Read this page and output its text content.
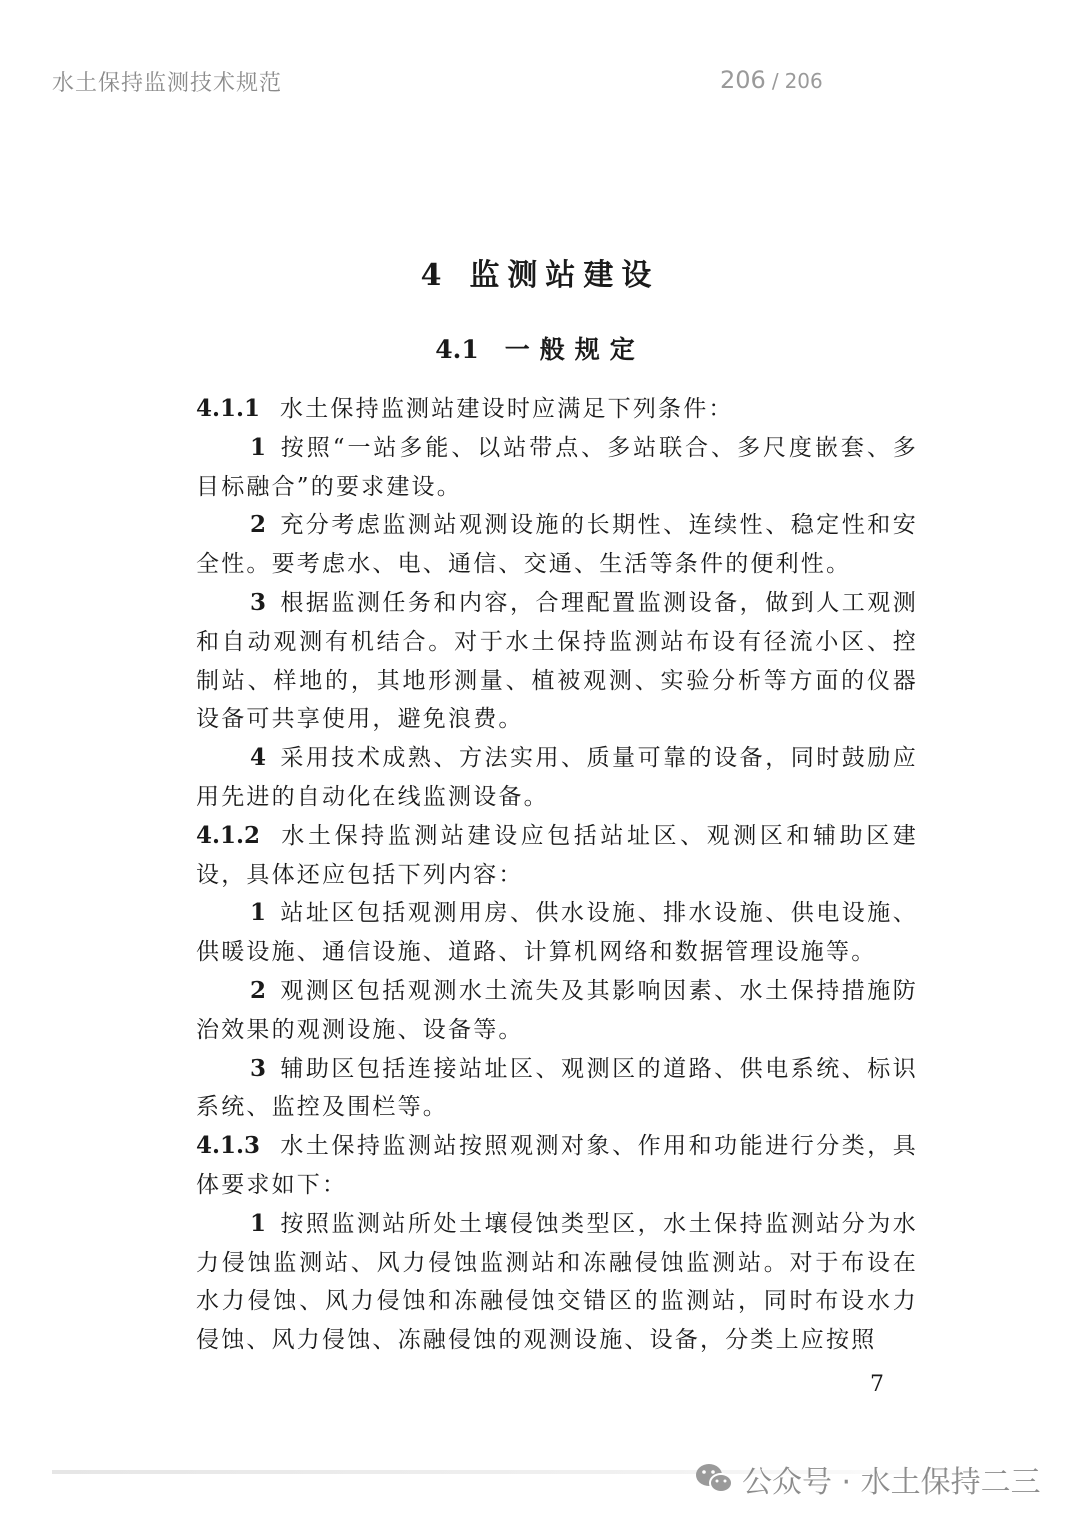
水土保持监测技术规范	206 / 206
4 监测站建设
4.1 一般规定

4.1.1 水土保持监测站建设时应满足下列条件：

1 按照“一站多能、以站带点、多站联合、多尺度嵌套、多目标融合”的要求建设。

2 充分考虑监测站观测设施的长期性、连续性、稳定性和安全性。要考虑水、电、通信、交通、生活等条件的便利性。

3 根据监测任务和内容，合理配置监测设备，做到人工观测和自动观测有机结合。对于水土保持监测站布设有径流小区、控制站、样地的，其地形测量、植被观测、实验分析等方面的仪器设备可共享使用，避免浪费。

4 采用技术成熟、方法实用、质量可靠的设备，同时鼓励应用先进的自动化在线监测设备。

4.1.2 水土保持监测站建设应包括站址区、观测区和辅助区建设，具体还应包括下列内容：

1 站址区包括观测用房、供水设施、排水设施、供电设施、供暖设施、通信设施、道路、计算机网络和数据管理设施等。

2 观测区包括观测水土流失及其影响因素、水土保持措施防治效果的观测设施、设备等。

3 辅助区包括连接站址区、观测区的道路、供电系统、标识系统、监控及围栏等。

4.1.3 水土保持监测站按照观测对象、作用和功能进行分类，具体要求如下：

1 按照监测站所处土壤侵蚀类型区，水土保持监测站分为水力侵蚀监测站、风力侵蚀监测站和冻融侵蚀监测站。对于布设在水力侵蚀、风力侵蚀和冻融侵蚀交错区的监测站，同时布设水力侵蚀、风力侵蚀、冻融侵蚀的观测设施、设备，分类上应按照

7
公众号 · 水土保持二三
